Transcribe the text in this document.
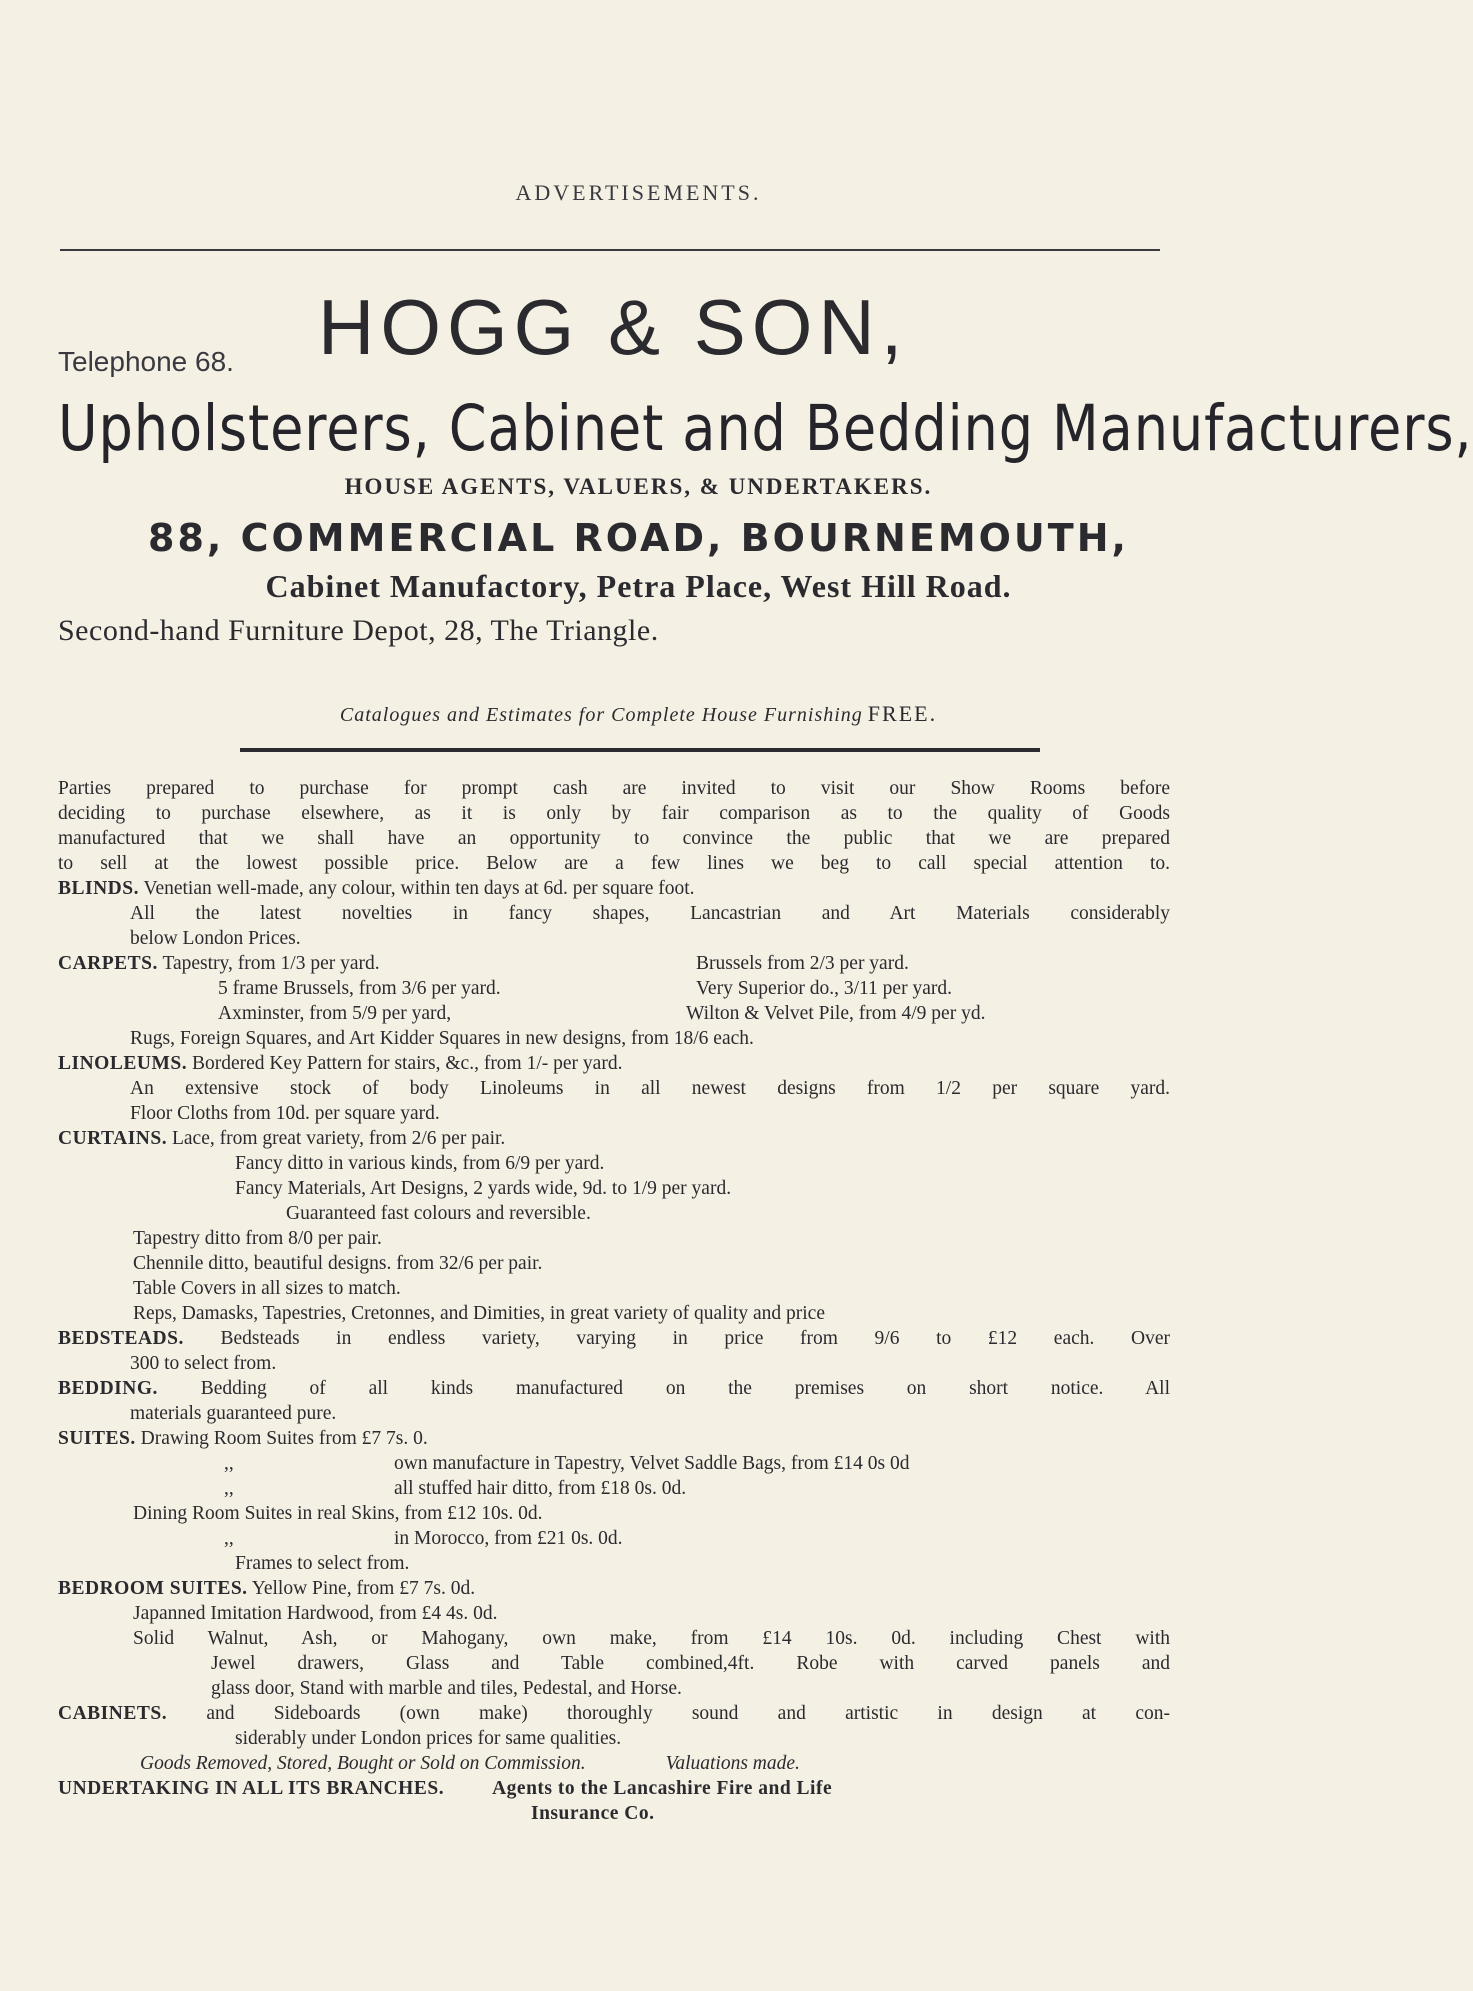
ADVERTISEMENTS.
HOGG & SON,
Telephone 68.
Upholsterers, Cabinet and Bedding Manufacturers,
HOUSE AGENTS, VALUERS, & UNDERTAKERS.
88, COMMERCIAL ROAD, BOURNEMOUTH,
Cabinet Manufactory, Petra Place, West Hill Road.
Second-hand Furniture Depot, 28, The Triangle.
Catalogues and Estimates for Complete House Furnishing FREE.
Parties prepared to purchase for prompt cash are invited to visit our Show Rooms before
deciding to purchase elsewhere, as it is only by fair comparison as to the quality of Goods
manufactured that we shall have an opportunity to convince the public that we are prepared
to sell at the lowest possible price. Below are a few lines we beg to call special attention to.
BLINDS. Venetian well-made, any colour, within ten days at 6d. per square foot.
All the latest novelties in fancy shapes, Lancastrian and Art Materials considerably
below London Prices.
CARPETS. Tapestry, from 1/3 per yard.	Brussels from 2/3 per yard.
5 frame Brussels, from 3/6 per yard.	Very Superior do., 3/11 per yard.
Axminster, from 5/9 per yard,	Wilton & Velvet Pile, from 4/9 per yd.
Rugs, Foreign Squares, and Art Kidder Squares in new designs, from 18/6 each.
LINOLEUMS. Bordered Key Pattern for stairs, &c., from 1/- per yard.
An extensive stock of body Linoleums in all newest designs from 1/2 per square yard.
Floor Cloths from 10d. per square yard.
CURTAINS. Lace, from great variety, from 2/6 per pair.
Fancy ditto in various kinds, from 6/9 per yard.
Fancy Materials, Art Designs, 2 yards wide, 9d. to 1/9 per yard.
Guaranteed fast colours and reversible.
Tapestry ditto from 8/0 per pair.
Chennile ditto, beautiful designs. from 32/6 per pair.
Table Covers in all sizes to match.
Reps, Damasks, Tapestries, Cretonnes, and Dimities, in great variety of quality and price
BEDSTEADS. Bedsteads in endless variety, varying in price from 9/6 to £12 each. Over
300 to select from.
BEDDING. Bedding of all kinds manufactured on the premises on short notice. All
materials guaranteed pure.
SUITES. Drawing Room Suites from £7 7s. 0.
,,	own manufacture in Tapestry, Velvet Saddle Bags, from £14 0s 0d
,,	all stuffed hair ditto, from £18 0s. 0d.
Dining Room Suites in real Skins, from £12 10s. 0d.
,,	in Morocco, from £21 0s. 0d.
Frames to select from.
BEDROOM SUITES. Yellow Pine, from £7 7s. 0d.
Japanned Imitation Hardwood, from £4 4s. 0d.
Solid Walnut, Ash, or Mahogany, own make, from £14 10s. 0d. including Chest with
Jewel drawers, Glass and Table combined,4ft. Robe with carved panels and
glass door, Stand with marble and tiles, Pedestal, and Horse.
CABINETS. and Sideboards (own make) thoroughly sound and artistic in design at con-
siderably under London prices for same qualities.
Goods Removed, Stored, Bought or Sold on Commission.	Valuations made.
UNDERTAKING IN ALL ITS BRANCHES. Agents to the Lancashire Fire and Life
Insurance Co.
